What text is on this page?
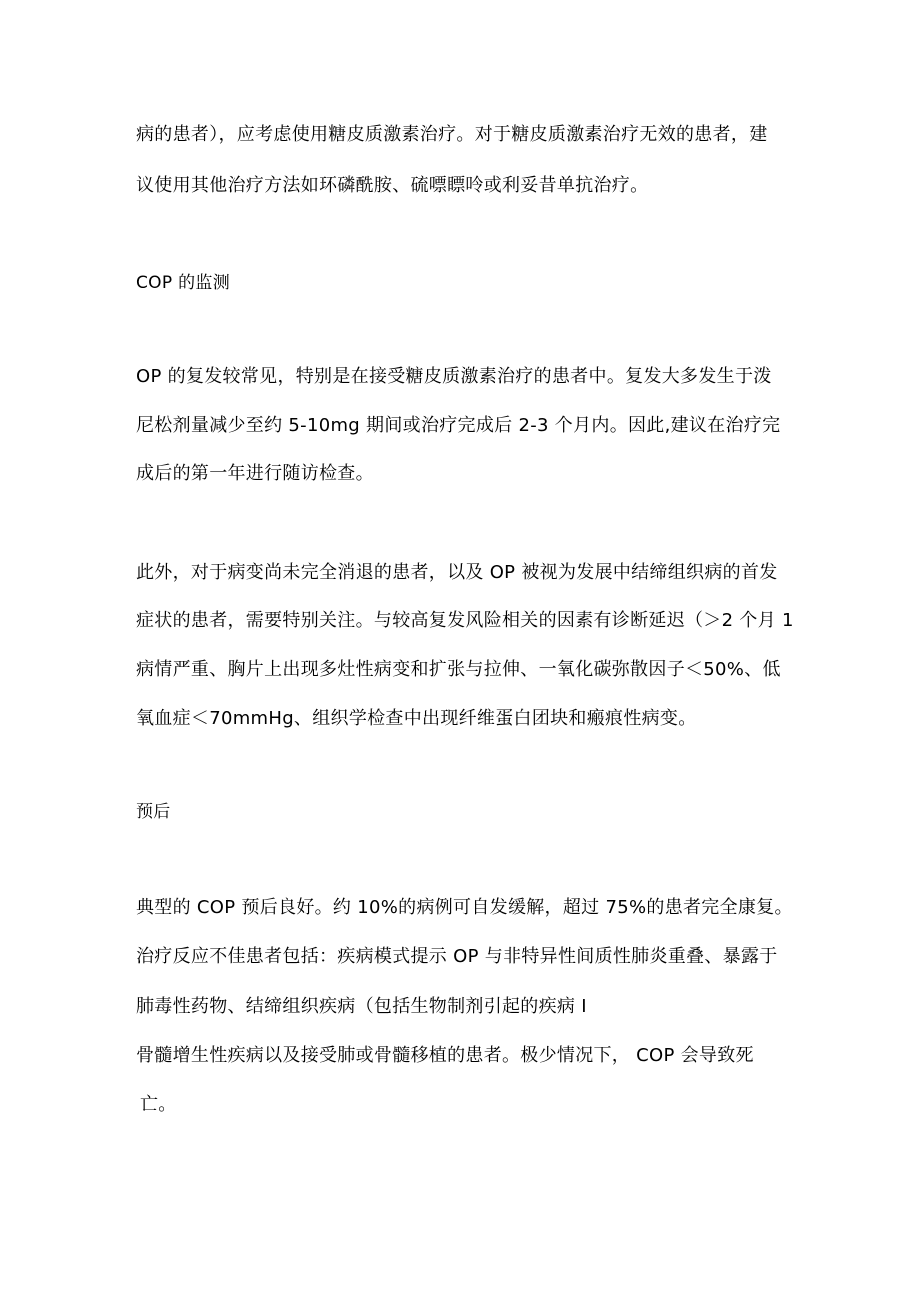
病的患者），应考虑使用糖皮质激素治疗。对于糖皮质激素治疗无效的患者，建
议使用其他治疗方法如环磷酰胺、硫嘌瞟呤或利妥昔单抗治疗。
COP 的监测
OP 的复发较常见，特别是在接受糖皮质激素治疗的患者中。复发大多发生于泼
尼松剂量减少至约 5-10mg 期间或治疗完成后 2-3 个月内。因此,建议在治疗完
成后的第一年进行随访检查。
此外，对于病变尚未完全消退的患者，以及 OP 被视为发展中结缔组织病的首发
症状的患者，需要特别关注。与较高复发风险相关的因素有诊断延迟（＞2 个月 1
病情严重、胸片上出现多灶性病变和扩张与拉伸、一氧化碳弥散因子＜50%、低
氧血症＜70mmHg、组织学检查中出现纤维蛋白团块和瘢痕性病变。
预后
典型的 COP 预后良好。约 10%的病例可自发缓解，超过 75%的患者完全康复。
治疗反应不佳患者包括：疾病模式提示 OP 与非特异性间质性肺炎重叠、暴露于
肺毒性药物、结缔组织疾病（包括生物制剂引起的疾病 I
骨髓增生性疾病以及接受肺或骨髓移植的患者。极少情况下， COP 会导致死
亡。
